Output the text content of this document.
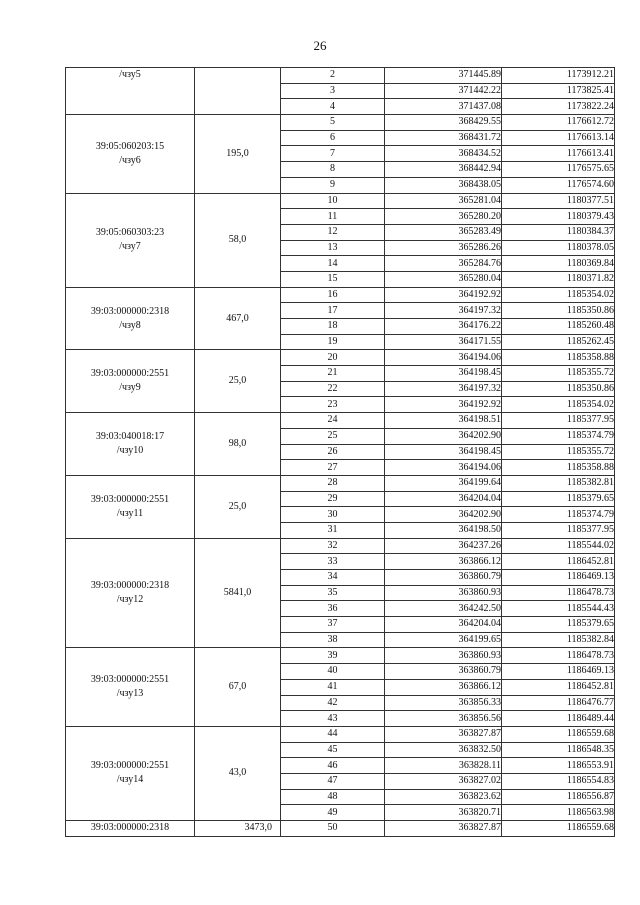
26
/чзу5		2	371445.89	1173912.21
		3	371442.22	1173825.41
		4	371437.08	1173822.24

39:05:060203:15
/чзу6	195,0	5	368429.55	1176612.72
		6	368431.72	1176613.14
		7	368434.52	1176613.41
		8	368442.94	1176575.65
		9	368438.05	1176574.60

39:05:060303:23
/чзу7	58,0	10	365281.04	1180377.51
		11	365280.20	1180379.43
		12	365283.49	1180384.37
		13	365286.26	1180378.05
		14	365284.76	1180369.84
		15	365280.04	1180371.82

39:03:000000:2318
/чзу8	467,0	16	364192.92	1185354.02
		17	364197.32	1185350.86
		18	364176.22	1185260.48
		19	364171.55	1185262.45

39:03:000000:2551
/чзу9	25,0	20	364194.06	1185358.88
		21	364198.45	1185355.72
		22	364197.32	1185350.86
		23	364192.92	1185354.02

39:03:040018:17
/чзу10	98,0	24	364198.51	1185377.95
		25	364202.90	1185374.79
		26	364198.45	1185355.72
		27	364194.06	1185358.88

39:03:000000:2551
/чзу11	25,0	28	364199.64	1185382.81
		29	364204.04	1185379.65
		30	364202.90	1185374.79
		31	364198.50	1185377.95

39:03:000000:2318
/чзу12	5841,0	32	364237.26	1185544.02
		33	363866.12	1186452.81
		34	363860.79	1186469.13
		35	363860.93	1186478.73
		36	364242.50	1185544.43
		37	364204.04	1185379.65
		38	364199.65	1185382.84

39:03:000000:2551
/чзу13	67,0	39	363860.93	1186478.73
		40	363860.79	1186469.13
		41	363866.12	1186452.81
		42	363856.33	1186476.77
		43	363856.56	1186489.44

39:03:000000:2551
/чзу14	43,0	44	363827.87	1186559.68
		45	363832.50	1186548.35
		46	363828.11	1186553.91
		47	363827.02	1186554.83
		48	363823.62	1186556.87
		49	363820.71	1186563.98

39:03:000000:2318	3473,0	50	363827.87	1186559.68
